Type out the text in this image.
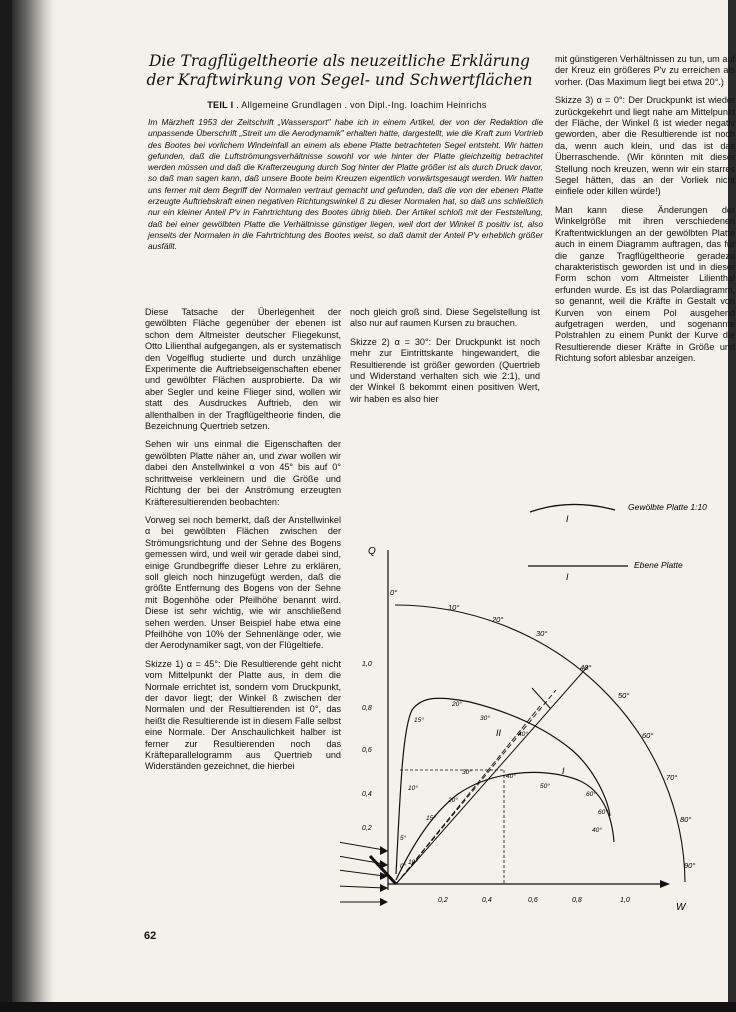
Die Tragflügeltheorie als neuzeitliche Erklärung
der Kraftwirkung von Segel- und Schwertflächen
TEIL I . Allgemeine Grundlagen . von Dipl.-Ing. Ioachim Heinrichs
Im Märzheft 1953 der Zeitschrift „Wassersport" habe ich in einem Artikel, der von der Redaktion die unpassende Überschrift „Streit um die Aerodynamik" erhalten hatte, dargestellt, wie die Kraft zum Vortrieb des Bootes bei vorlichem Windeinfall an einem als ebene Platte betrachteten Segel entsteht. Wir hatten gefunden, daß die Luftströmungsverhältnisse sowohl vor wie hinter der Platte gleichzeitig betrachtet werden müssen und daß die Krafterzeugung durch Sog hinter der Platte größer ist als durch Druck davor, so daß man sagen kann, daß unsere Boote beim Kreuzen eigentlich vorwärtsgesaugt werden. Wir hatten uns ferner mit dem Begriff der Normalen vertraut gemacht und gefunden, daß die von der ebenen Platte erzeugte Auftriebskraft einen negativen Richtungswinkel ß zu dieser Normalen hat, so daß uns schließlich nur ein kleiner Anteil P'v in Fahrtrichtung des Bootes übrig blieb. Der Artikel schloß mit der Feststellung, daß bei einer gewölbten Platte die Verhältnisse günstiger liegen, weil dort der Winkel ß positiv ist, also jenseits der Normalen in die Fahrtrichtung des Bootes weist, so daß damit der Anteil P'v erheblich größer ausfällt.

Diese Tatsache der Überlegenheit der gewölbten Fläche gegenüber der ebenen ist schon dem Altmeister deutscher Fliegekunst, Otto Lilienthal aufgegangen, als er systematisch den Vogelflug studierte und durch unzählige Experimente die Auftriebseigenschaften ebener und gewölbter Flächen ausprobierte. Da wir aber Segler und keine Flieger sind, wollen wir statt des Ausdruckes Auftrieb, den wir allenthalben in der Tragflügeltheorie finden, die Bezeichnung Quertrieb setzen.

Sehen wir uns einmal die Eigenschaften der gewölbten Platte näher an, und zwar wollen wir dabei den Anstellwinkel α von 45° bis auf 0° schrittweise verkleinern und die Größe und Richtung der bei der Anströmung erzeugten Kräfteresultierenden beobachten:

Vorweg sei noch bemerkt, daß der Anstellwinkel α bei gewölbten Flächen zwischen der Strömungsrichtung und der Sehne des Bogens gemessen wird, und weil wir gerade dabei sind, einige Grundbegriffe dieser Lehre zu erklären, soll gleich noch hinzugefügt werden, daß die größte Entfernung des Bogens von der Sehne mit Bogenhöhe oder Pfeilhöhe benannt wird. Diese ist sehr wichtig, wie wir anschließend sehen werden. Unser Beispiel habe etwa eine Pfeilhöhe von 10% der Sehnenlänge oder, wie der Aerodynamiker sagt, von der Flügeltiefe.

Skizze 1) α = 45°: Die Resultierende geht nicht vom Mittelpunkt der Platte aus, in dem die Normale errichtet ist, sondern vom Druckpunkt, der davor liegt; der Winkel ß zwischen der Normalen und der Resultierenden ist 0°, das heißt die Resultierende ist in diesem Falle selbst eine Normale. Der Anschaulichkeit halber ist ferner zur Resultierenden noch das Kräfteparallelogramm aus Quertrieb und Widerständen gezeichnet, die hierbei

noch gleich groß sind. Diese Segelstellung ist also nur auf raumen Kursen zu brauchen.

Skizze 2) α = 30°: Der Druckpunkt ist noch mehr zur Eintrittskante hingewandert, die Resultierende ist größer geworden (Quertrieb und Widerstand verhalten sich wie 2:1), und der Winkel ß bekommt einen positiven Wert, wir haben es also hier

mit günstigeren Verhältnissen zu tun, um auf der Kreuz ein größeres P'v zu erreichen als vorher. (Das Maximum liegt bei etwa 20°.)

Skizze 3) α = 0°: Der Druckpunkt ist wieder zurückgekehrt und liegt nahe am Mittelpunkt der Fläche, der Winkel ß ist wieder negativ geworden, aber die Resultierende ist noch da, wenn auch klein, und das ist das Überraschende. (Wir könnten mit dieser Stellung noch kreuzen, wenn wir ein starres Segel hätten, das an der Vorliek nicht einfiele oder killen würde!)

Man kann diese Änderungen der Winkelgröße mit ihren verschiedenen Kraftentwicklungen an der gewölbten Platte auch in einem Diagramm auftragen, das für die ganze Tragflügeltheorie geradezu charakteristisch geworden ist und in dieser Form schon vom Altmeister Lilienthal erfunden wurde. Es ist das Polardiagramm, so genannt, weil die Kräfte in Gestalt von Kurven von einem Pol ausgehend aufgetragen werden, und sogenannte Polstrahlen zu einem Punkt der Kurve die Resultierende dieser Kräfte in Größe und Richtung sofort ablesbar anzeigen.

62
I
Gewölbte Platte 1:10
I
Ebene Platte
Q
W
0,2
0,4
0,6
0,8
1,0
0,2	0,4	0,6	0,8	1,0
0°
10°
20°
30°
40°
50°
60°
70°
80°
90°
II
I
0°
5°
10°
15°
20°
30°
40°
60°
10°
15°
20°
30°
40°
50°
60°
40°
